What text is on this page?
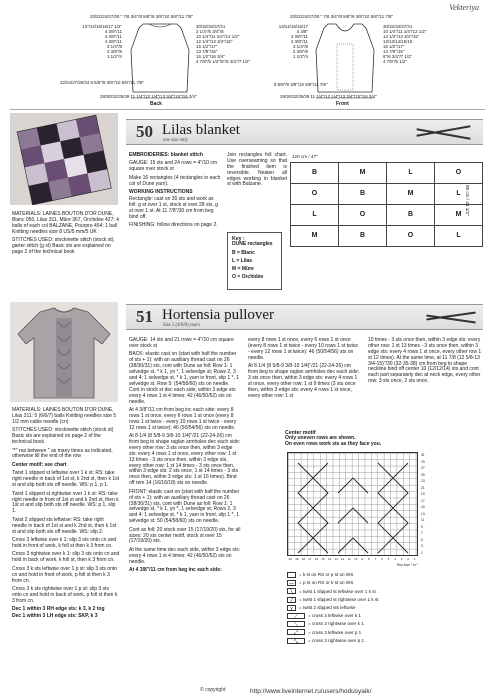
Vekteriya
20/22/24/27/30 " 7/8 3/4"/8 5/8"/9 3/8"/10 5/8"/11 7/8"
13"/14/15/16/17 1/2"
4 3/8"/11
4 3/8"/11
4 3/8"/11
3 1/4"/8
2 3/8"/6
1 1/2"/4
22/24/27/30/34 8 5/8"/9 3/8"/10 5/8"/11 7/8"
30/32/34/37/41
2 1/4"/6 3/4"/8
10 1/4"/11 1/4"/12 1/2"
12 1/4"/13 3/4"/15"
15 1/2"/17"
13 7/8"/15"
15 1/2"/16 3/4"
4 7/8"/5 1/2"/6"/6 3/4"/7 1/2"
28/30/32/35/39 11 1/4"/12 1/4"/13 3/4"/15"/16 3/4"
Back
20/22/24/27/30 " 7/8 3/4"/8 5/8"/9 3/8"/10 5/8"/11 7/8"
13/14/15/16/17
4 3/8"
4 3/8"/11
4 3/8"/11
3 1/4"/8
2 3/8"/6
1 1/2"/4
8 5/8"/9 3/8"/10 5/8"/11 7/8"
30/32/34/37/41
10 1/4"/11 1/4"/12 1/2"
12 1/4"/13 3/4"/15"
12/13/14/15/16
15 1/2"/17"
13 7/8"/15"
6"/6 3/4"/7 1/2"
4 7/8"/5 1/2"
28/30/32/35/39 11 1/4"/12 1/4"/13 3/4"/15"/16 3/4"
Front
50 Lilas blanket
one size only

MATERIALS: LAINES BOUTON D'OR DUNE, Blanc 050, Lilas 311, Mûre 367, Orchidée 427: 4 balls of each col BALZANE, Pourpre 454: 1 ball Knitting needles size 8 US/5 mm/5 UK

STITCHES USED: stockinette stitch (stock st), garter stitch (g st) Basic sts are explained on page 2 of the technical book

EMBROIDERIES: blanket stitch

GAUGE: 15 sts and 24 rows = 4"/10 cm square over stock st

Make 16 rectangles (4 rectangles in each col of Dune yarn).

WORKING INSTRUCTIONS

Rectangle: cast on 30 sts and work as foll: g st over 1 st, stock st over 28 sts, g st over 1 st. At 11 7/8"/30 cm from beg bind off.

FINISHING: follow directions on page 2.

Join rectangles foll chart. Use overseaming so that the finished item is reversible. Neaten all edges working in blanket st with Balzane.

Key :
DUNE rectangles
B = Blanc
L = Lilas
M = Mûre
O = Orchidée
120 cm / 47"
88 cm / 31 1/2"
B	M	L	O
O	B	M	L
L	O	B	M
M	B	O	L
51 Hortensia pullover
Size 2 (4/6/8) years

MATERIALS: LAINES BOUTON D'OR DUNE, Lilas 311: 5 (6/6/7) balls Knitting needles size 5 1/2 mm cable needle (cn)

STITCHES USED: stockinette stitch (stock st) Basic sts are explained on page 2 of the technical book.

"*" rep between " as many times as indicated, otherwise till the end of the row

Center motif: see chart

Twist 1 slipped st leftwise over 1 k st: RS: take right needle in back of 1st st, k 2nd st, then k 1st st and slip both sts off needle. WS: p 1, p 1.

Twist 1 slipped st rightwise over 1 k st: RS: take right needle in front of 1st st and k 2nd st, then k 1st st and slip both sts off needle. WS: p 1, slip 1.

Twist 2 slipped sts leftwise: RS: take right needle in back of 1st st and k 2nd st, then k 1st st and slip both sts off needle. WS: slip 2.

Cross 3 leftwise over k 1: slip 3 sts onto cn and hold in front of work, k foll st then k 3 from cn.

Cross 3 rightwise over k 1: slip 3 sts onto cn and hold in back of work, k foll st, then k 3 from cn.

Cross 3 k sts leftwise over 1 p st: slip 3 sts onto cn and hold in front of work, p foll st then k 3 from cn.

Cross 3 k sts rightwise over 1 p st: slip 3 sts onto cn and hold in back of work, p foll st then k 3 from cn.

Dec 1 within 3 RH edge sts: k 3, k 2 tog

Dec 1 within 3 LH edge sts: SKP, k 3

GAUGE: 14 sts and 21 rows = 4"/10 cm square over stock st

BACK: elastic cast on (start with half the number of sts + 1): with an auxiliary thread cast on 26 (38/30/31) sts, cont with Dune as foll: Row 1: 1 selvedge st, * k 1, yo *, 1 selvedge st; Rows 2, 3 and 4: 1 selvedge st, * k 1, yarn in front, slip 1 *, 1 selvedge st. Row 5: (54/58/60) sts on needle. Cont in stock st dec each side, within 3 edge sts every 4 rows 1 st 4 times: 42 (46/50/52) sts on needle.

At 4 3/8"/11 cm from beg inc each side: every 8 rows 1 st once, every 6 rows 1 st once (every 8 rows 1 st twice - every 10 rows 1 st twice - every 12 rows 1 st twice): 46 (50/54/56) sts on needle.

At 8 1/4 (8 5/8-9 3/8-10 1/4)"/21 (22-24-26) cm from beg to shape raglan armholes dec each side: every other row: 3 sts once then, within 3 edge sts: every 4 rows 1 st once, every other row: 1 st 13 times - 3 sts once then, within 3 edge sts, every other row: 1 st 14 times - 3 sts once then, within 3 edge sts: 2 sts once, 1 st 14 times - 3 sts once then, within 3 edge sts: 1 st 16 times). Bind off rem 14 (16/16/18) sts on needle.

FRONT: elastic cast on (start with half the number of sts + 1): with an auxiliary thread cast on 26 (38/30/31) sts, cont with Dune as foll: Row 1: 1 selvedge st, * k 1, yo *, 1 selvedge st; Rows 2, 3 and 4: 1 selvedge st, * k 1, yarn in front, slip 1 *, 1 selvedge st: 50 (54/58/60) sts on needle.

Cont as foll: 20 stock over 15 (17/19/20) sts, for all sizes: 20 sts center motif, stock st over 15 (17/19/20) sts.

At the same time dec each side, within 3 edge sts: every 4 rows 1 st 4 times: 42 (46/50/52) sts on needle.

At 4 3/8"/11 cm from beg inc each side:

every 8 rows 1 st once, every 6 rows 1 st once (every 8 rows 1 st twice - every 10 rows 1 st twice - every 12 rows 1 st twice): 46 (50/54/56) sts on needle.

At 8 1/4 (8 5/8-9 3/8-10 1/4)"/21 (22-24-26) cm from beg to shape raglan armholes dec each side: 3 sts once then, within 3 edge sts: every 4 rows 1 st once, every other row: 1 st 9 times (3 sts once then, within 3 edge sts: every 4 rows 1 st once, every other row: 1 st

10 times - 3 sts once then, within 3 edge sts: every other row: 1 st 13 times - 3 sts once then, within 3 edge sts: every 4 rows 1 st once, every other row 1 st 12 times). At the same time, at 11 7/8 (12 5/8-13 3/4-15)"/30 (32-35-38) cm from beg to shape neckline bind off center 10 (12/12/14) sts and cont each part separately dec at neck edge, every other row: 3 sts once, 2 sts once.

Center motif
Only uneven rows are shown.
On even rows work sts as they face you.
31
29
27
25
23
21
19
17
15
13
11
9
7
5
3
1
20	19	18	17	16	15	14	13	12	11	10	9	8	7	6	5	4	3	2	1
Rep from * to *
= k st on RS or p st on WS
—	= p st on RS or k st on WS
╲	= twist 1 slipped st leftwise over 1 k st
╱	= twist 1 slipped st rightwise over 1 k st
⋎	= twist 2 slipped sts leftwise
⟋	= cross 3 leftwise over k 1
⟍	= cross 3 rightwise over k 1
⤢	= cross 3 leftwise over p 1
⤡	= cross 3 rightwise over p 1
© copyright	http://www.liveinternet.ru/users/hodusyaik/
